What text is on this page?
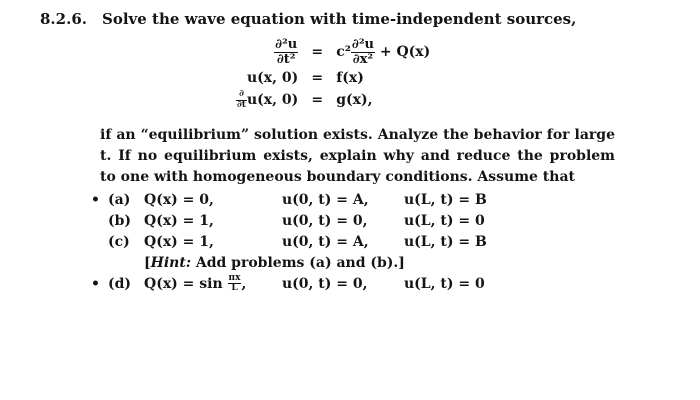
8.2.6. Solve the wave equation with time-independent sources,
$\frac{\text{∂²u}}{\text{∂t²}}$	=	$c^2 \frac{\text{∂²u}}{\text{∂x²}} + Q(x)$
u(x, 0)	=	f(x)

$\frac{\partial}{\partial t} u(x$, 0)	=	g(x),

if an “equilibrium” solution exists. Analyze the behavior for large t. If no equilibrium exists, explain why and reduce the problem to one with homogeneous boundary conditions. Assume that

•	(a)	Q(x) = 0,	u(0, t) = A,	u(L, t) = B
	(b)	Q(x) = 1,	u(0, t) = 0,	u(L, t) = 0
	(c)	Q(x) = 1,	u(0, t) = A,	u(L, t) = B
		[Hint: Add problems (a) and (b).]		
•	(d)	$Q(x) = \sin \frac{\pi x}{L}$ ,	u(0, t) = 0,	u(L, t) = 0
